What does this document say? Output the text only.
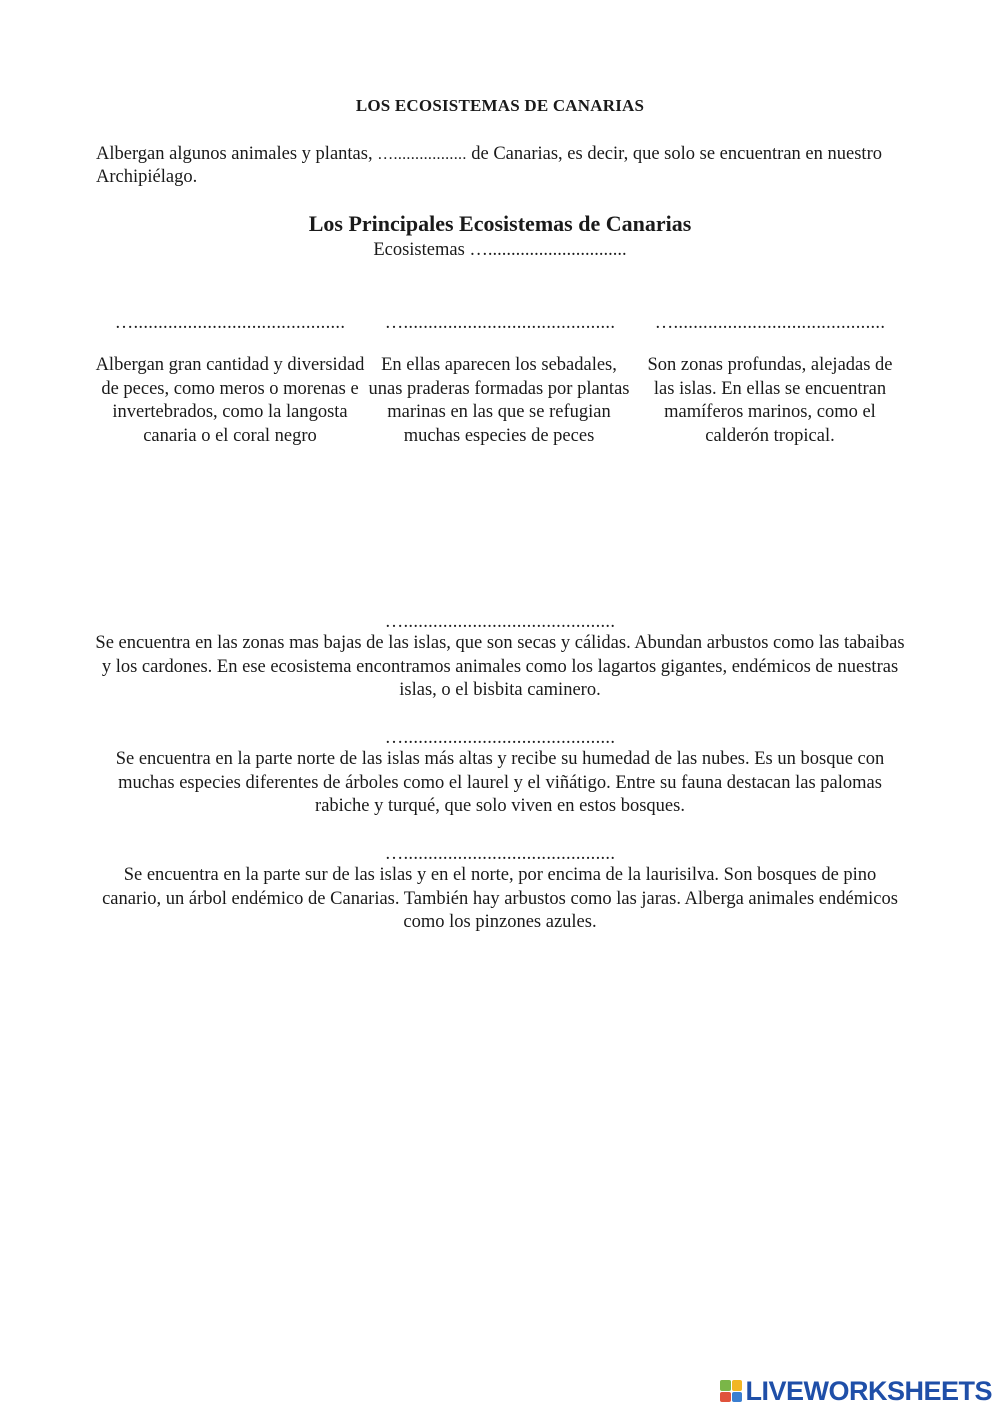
LOS ECOSISTEMAS DE CANARIAS
Albergan algunos animales y plantas, …................. de Canarias, es decir, que solo se encuentran en nuestro Archipiélago.
Los Principales Ecosistemas de Canarias
Ecosistemas …..............................
…...........................................	…...........................................	…...........................................
Albergan gran cantidad y diversidad de peces, como meros o morenas e invertebrados, como la langosta canaria o el coral negro
En ellas aparecen los sebadales, unas praderas formadas por plantas marinas en las que se refugian muchas especies de peces
Son zonas profundas, alejadas de las islas. En ellas se encuentran mamíferos marinos, como el calderón tropical.
…...........................................
Se encuentra en las zonas mas bajas de las islas, que son secas y cálidas. Abundan arbustos como las tabaibas y los cardones. En ese ecosistema encontramos animales como los lagartos gigantes, endémicos de nuestras islas, o el bisbita caminero.
…...........................................
Se encuentra en la parte norte de las islas más altas y recibe su humedad de las nubes. Es un bosque con muchas especies diferentes de árboles como el laurel y el viñátigo. Entre su fauna destacan las palomas rabiche y turqué, que solo viven en estos bosques.
…...........................................
Se encuentra en la parte sur de las islas y en el norte, por encima de la laurisilva. Son bosques de pino canario, un árbol endémico de Canarias. También hay arbustos como las jaras. Alberga animales endémicos como los pinzones azules.
LIVEWORKSHEETS
